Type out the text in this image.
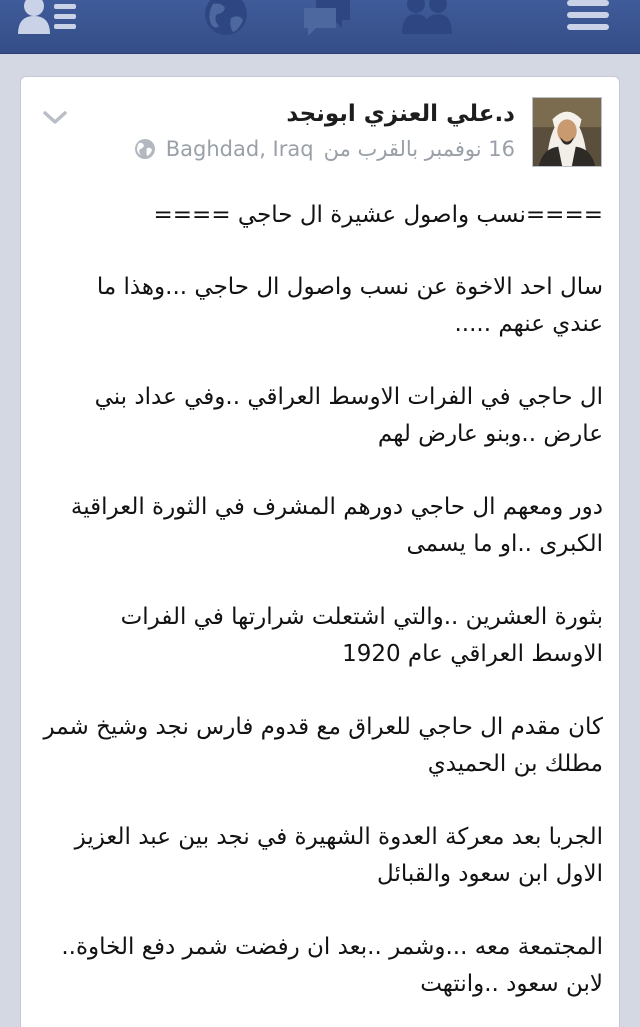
د.علي العنزي ابونجد
Baghdad, Iraq 16 نوفمبر بالقرب من

====نسب واصول عشيرة ال حاجي ====

سال احد الاخوة عن نسب واصول ال حاجي ...وهذا ما عندي عنهم .....

ال حاجي في الفرات الاوسط العراقي ..وفي عداد بني عارض ..وبنو عارض لهم

دور ومعهم ال حاجي دورهم المشرف في الثورة العراقية الكبرى ..او ما يسمى

بثورة العشرين ..والتي اشتعلت شرارتها في الفرات الاوسط العراقي عام 1920

كان مقدم ال حاجي للعراق مع قدوم فارس نجد وشيخ شمر مطلك بن الحميدي

الجربا بعد معركة العدوة الشهيرة في نجد بين عبد العزيز الاول ابن سعود والقبائل

المجتمعة معه ...وشمر ..بعد ان رفضت شمر دفع الخاوة.. لابن سعود ..وانتهت
